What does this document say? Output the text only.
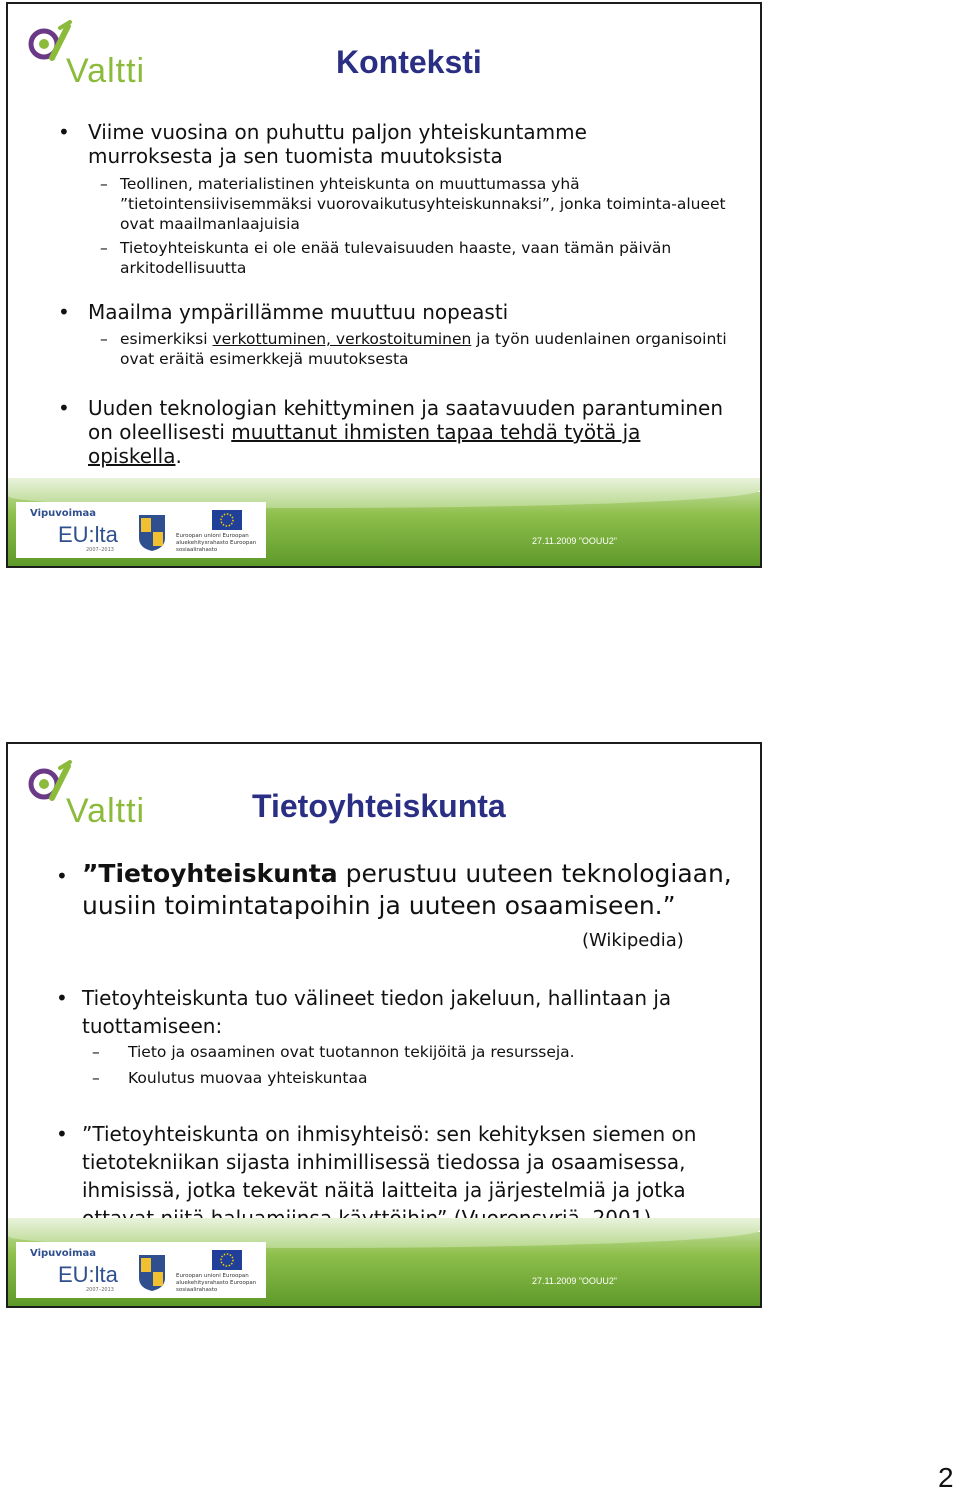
Valtti	Konteksti
• Viime vuosina on puhuttu paljon yhteiskuntamme murroksesta ja sen tuomista muutoksista
– Teollinen, materialistinen yhteiskunta on muuttumassa yhä ”tietointensiivisemmäksi vuorovaikutusyhteiskunnaksi”, jonka toiminta-alueet ovat maailmanlaajuisia
– Tietoyhteiskunta ei ole enää tulevaisuuden haaste, vaan tämän päivän arkitodellisuutta
• Maailma ympärillämme muuttuu nopeasti
– esimerkiksi verkottuminen, verkostoituminen ja työn uudenlainen organisointi ovat eräitä esimerkkejä muutoksesta
• Uuden teknologian kehittyminen ja saatavuuden parantuminen on oleellisesti muuttanut ihmisten tapaa tehdä työtä ja opiskella.
Vipuvoimaa
EU:lta
2007–2013
Euroopan unioni Euroopan aluekehitysrahasto Euroopan sosiaalirahasto
27.11.2009 ”OOUU2”
Valtti	Tietoyhteiskunta
• ”Tietoyhteiskunta perustuu uuteen teknologiaan, uusiin toimintatapoihin ja uuteen osaamiseen.”
(Wikipedia)
• Tietoyhteiskunta tuo välineet tiedon jakeluun, hallintaan ja tuottamiseen:
– Tieto ja osaaminen ovat tuotannon tekijöitä ja resursseja.
– Koulutus muovaa yhteiskuntaa
• ”Tietoyhteiskunta on ihmisyhteisö: sen kehityksen siemen on tietotekniikan sijasta inhimillisessä tiedossa ja osaamisessa, ihmisissä, jotka tekevät näitä laitteita ja järjestelmiä ja jotka
Vipuvoimaa
EU:lta
2007–2013
Euroopan unioni Euroopan aluekehitysrahasto Euroopan sosiaalirahasto
27.11.2009 ”OOUU2”
2
